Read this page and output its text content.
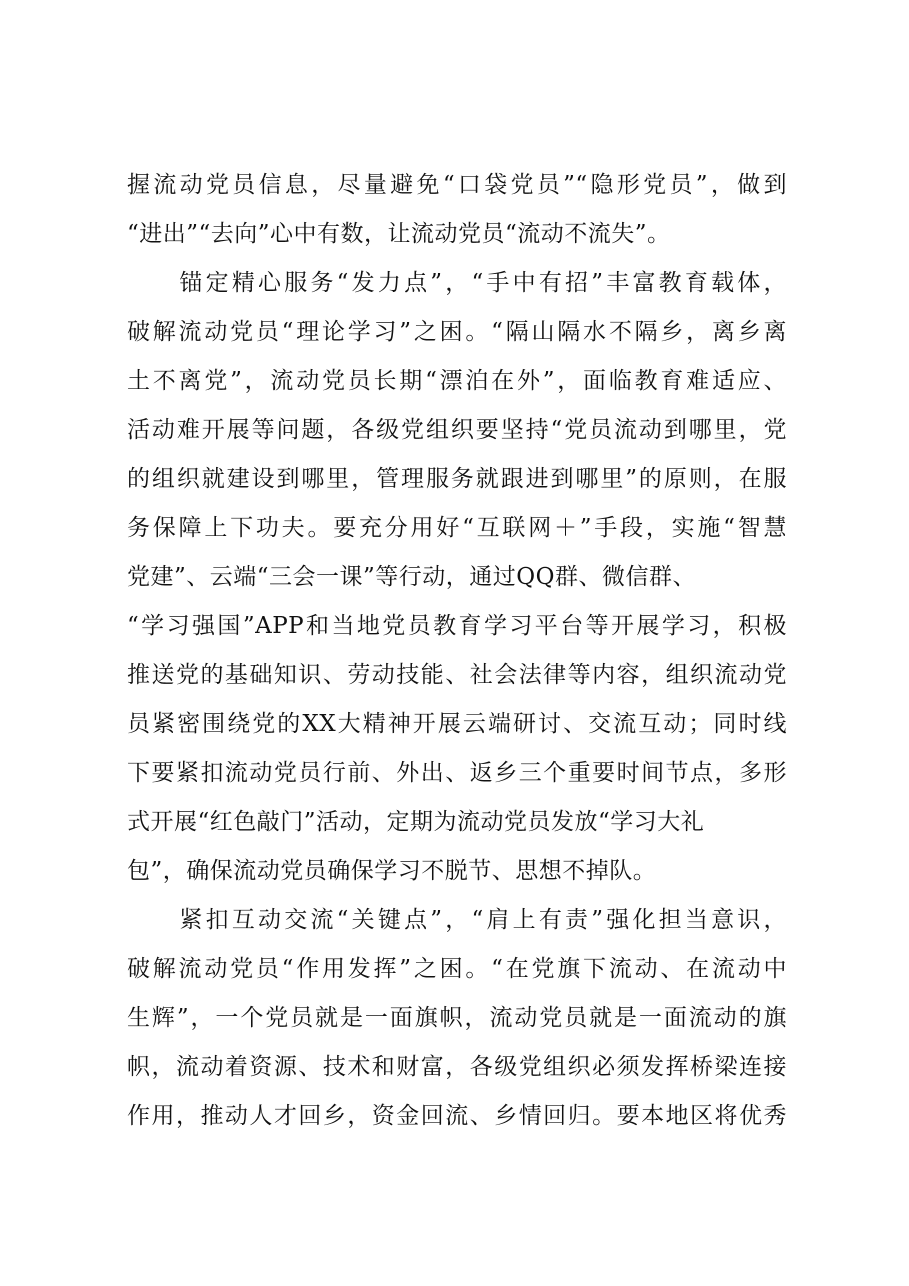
握流动党员信息，尽量避免“口袋党员”“隐形党员”，做到
“进出”“去向”心中有数，让流动党员“流动不流失”。
　　锚定精心服务“发力点”，“手中有招”丰富教育载体，
破解流动党员“理论学习”之困。“隔山隔水不隔乡，离乡离
土不离党”，流动党员长期“漂泊在外”，面临教育难适应、
活动难开展等问题，各级党组织要坚持“党员流动到哪里，党
的组织就建设到哪里，管理服务就跟进到哪里”的原则，在服
务保障上下功夫。要充分用好“互联网＋”手段，实施“智慧
党建”、云端“三会一课”等行动，通过QQ群、微信群、
“学习强国”APP和当地党员教育学习平台等开展学习，积极
推送党的基础知识、劳动技能、社会法律等内容，组织流动党
员紧密围绕党的XX大精神开展云端研讨、交流互动；同时线
下要紧扣流动党员行前、外出、返乡三个重要时间节点，多形
式开展“红色敲门”活动，定期为流动党员发放“学习大礼
包”，确保流动党员确保学习不脱节、思想不掉队。
　　紧扣互动交流“关键点”，“肩上有责”强化担当意识，
破解流动党员“作用发挥”之困。“在党旗下流动、在流动中
生辉”，一个党员就是一面旗帜，流动党员就是一面流动的旗
帜，流动着资源、技术和财富，各级党组织必须发挥桥梁连接
作用，推动人才回乡，资金回流、乡情回归。要本地区将优秀
